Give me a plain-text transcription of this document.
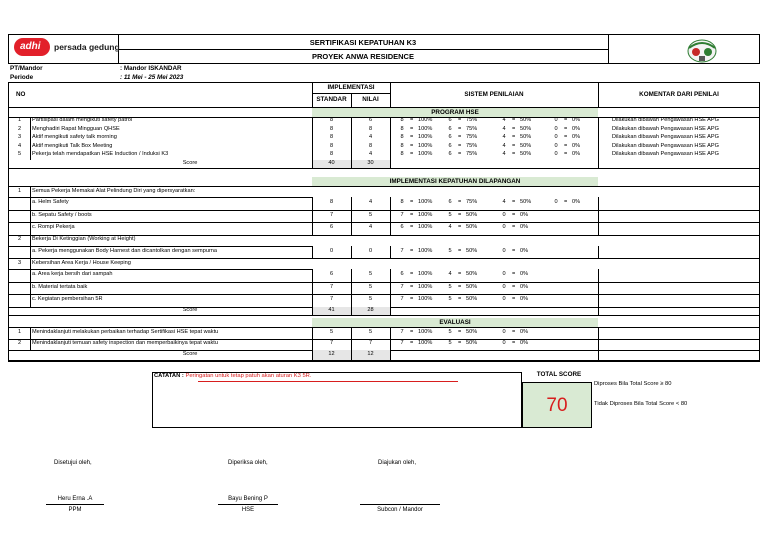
adhi persada gedung	SERTIFIKASI KEPATUHAN K3
PROYEK ANWA RESIDENCE
PT/Mandor	: Mandor ISKANDAR
Periode	: 11 Mei - 25 Mei 2023
NO
IMPLEMENTASI
STANDAR	NILAI
SISTEM PENILAIAN	KOMENTAR DARI PENILAI
PROGRAM HSE
1 Partisipasi dalam mengikuti safety patrol	8	6	8	= 100%	6	= 75%	4	= 50%	0	= 0%	Dilakukan dibawah Pengawasan HSE APG
2 Menghadiri Rapat Mingguan QHSE	8	8	8	= 100%	6	= 75%	4	= 50%	0	= 0%	Dilakukan dibawah Pengawasan HSE APG
3 Aktif mengikuti safety talk morning	8	4	8	= 100%	6	= 75%	4	= 50%	0	= 0%	Dilakukan dibawah Pengawasan HSE APG
4 Aktif mengikuti Talk Box Meeting	8	8	8	= 100%	6	= 75%	4	= 50%	0	= 0%	Dilakukan dibawah Pengawasan HSE APG
5 Pekerja telah mendapatkan HSE Induction / Induksi K3	8	4	8	= 100%	6	= 75%	4	= 50%	0	= 0%	Dilakukan dibawah Pengawasan HSE APG
Score	40	30
IMPLEMENTASI KEPATUHAN DILAPANGAN
1 Semua Pekerja Memakai Alat Pelindung Diri yang dipersyaratkan:
a. Helm Safety	8	4	8	= 100%	6	= 75%	4	= 50%	0	= 0%
b. Sepatu Safety / boots	7	5	7	= 100%	5	= 50%	0	= 0%
c. Rompi Pekerja	6	4	6	= 100%	4	= 50%	0	= 0%
2 Bekerja Di Ketinggian (Working at Height)
a. Pekerja menggunakan Body Harnest dan dicantolkan dengan sempurna	0	0	7	= 100%	5	= 50%	0	= 0%
3 Kebersihan Area Kerja / House Keeping
a. Area kerja bersih dari sampah	6	5	6	= 100%	4	= 50%	0	= 0%
b. Material tertata baik	7	5	7	= 100%	5	= 50%	0	= 0%
c. Kegiatan pembersihan 5R	7	5	7	= 100%	5	= 50%	0	= 0%
Score	41	28
EVALUASI
1 Menindaklanjuti melakukan perbaikan terhadap Sertifikasi HSE tepat waktu	5	5	7	= 100%	5	= 50%	0	= 0%
2 Menindaklanjuti temuan safety inspection dan memperbaikinya tepat waktu	7	7	7	= 100%	5	= 50%	0	= 0%
Score	12	12
CATATAN : Peringatan untuk tetap patuh akan aturan K3 5R.	TOTAL SCORE
70
Diproses Bila Total Score ≥ 80
Tidak Diproses Bila Total Score < 80
Disetujui oleh,	Diperiksa oleh,	Diajukan oleh,
Heru Erna .A
PPM
Bayu Bening P
HSE	Subcon / Mandor
